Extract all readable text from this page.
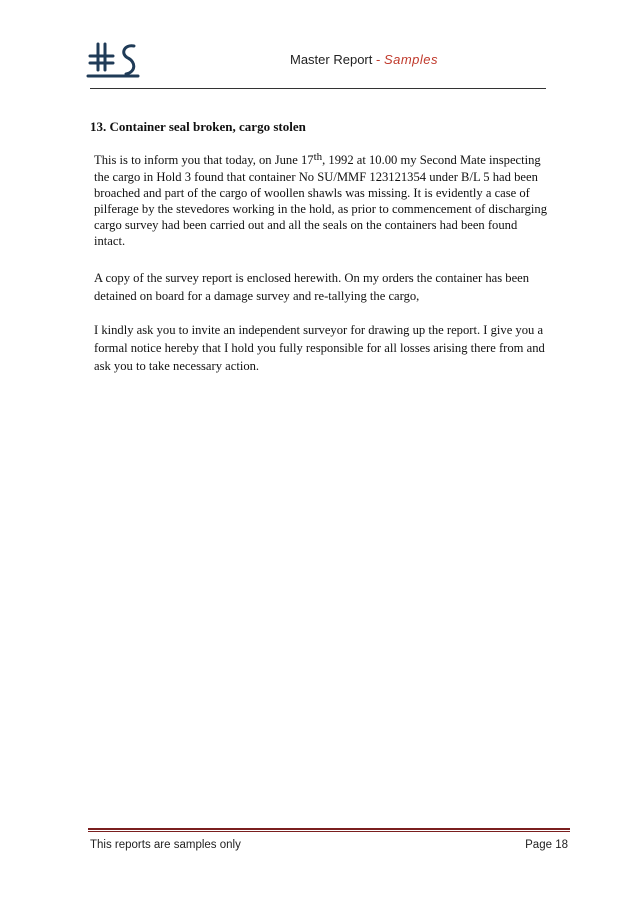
Master Report - Samples
13. Container seal broken, cargo stolen
This is to inform you that today, on June 17th, 1992 at 10.00 my Second Mate inspecting the cargo in Hold 3 found that container No SU/MMF 123121354 under B/L 5 had been broached and part of the cargo of woollen shawls was missing. It is evidently a case of pilferage by the stevedores working in the hold, as prior to commencement of discharging cargo survey had been carried out and all the seals on the containers had been found intact.
A copy of the survey report is enclosed herewith. On my orders the container has been detained on board for a damage survey and re-tallying the cargo,
I kindly ask you to invite an independent surveyor for drawing up the report. I give you a formal notice hereby that I hold you fully responsible for all losses arising there from and ask you to take necessary action.
This reports are samples only	Page 18
